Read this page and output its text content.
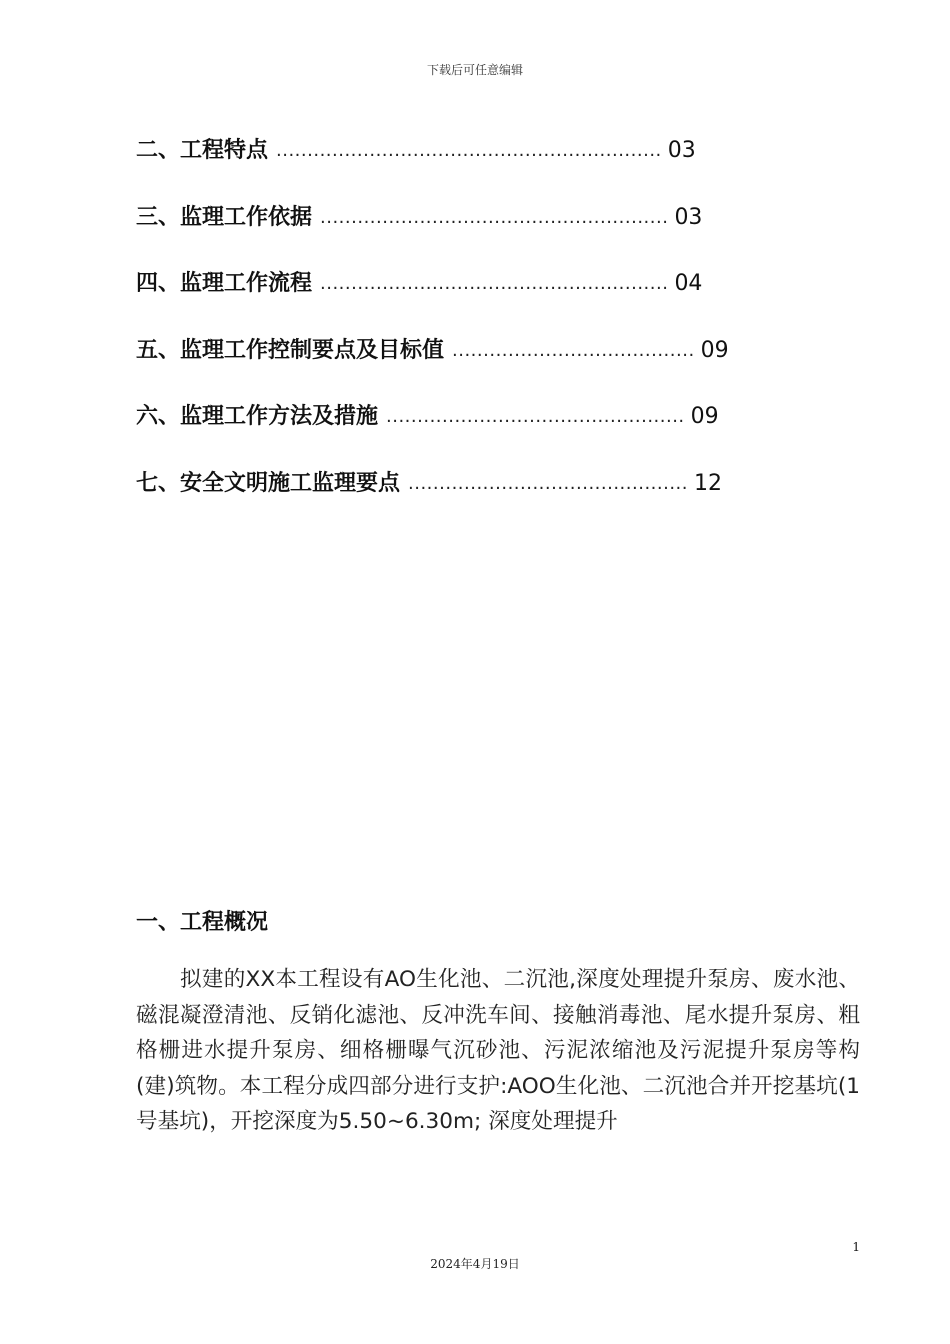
下载后可任意编辑
二、工程特点 .............................................................. 03
三、监理工作依据 ........................................................ 03
四、监理工作流程 ........................................................ 04
五、监理工作控制要点及目标值 ....................................... 09
六、监理工作方法及措施 ................................................ 09
七、安全文明施工监理要点 ............................................. 12
一、工程概况

拟建的XX本工程设有AO生化池、二沉池,深度处理提升泵房、废水池、磁混凝澄清池、反销化滤池、反冲洗车间、接触消毒池、尾水提升泵房、粗格栅进水提升泵房、细格栅曝气沉砂池、污泥浓缩池及污泥提升泵房等构(建)筑物。本工程分成四部分进行支护:AOO生化池、二沉池合并开挖基坑(1号基坑)，开挖深度为5.50~6.30m; 深度处理提升

1
2024年4月19日
